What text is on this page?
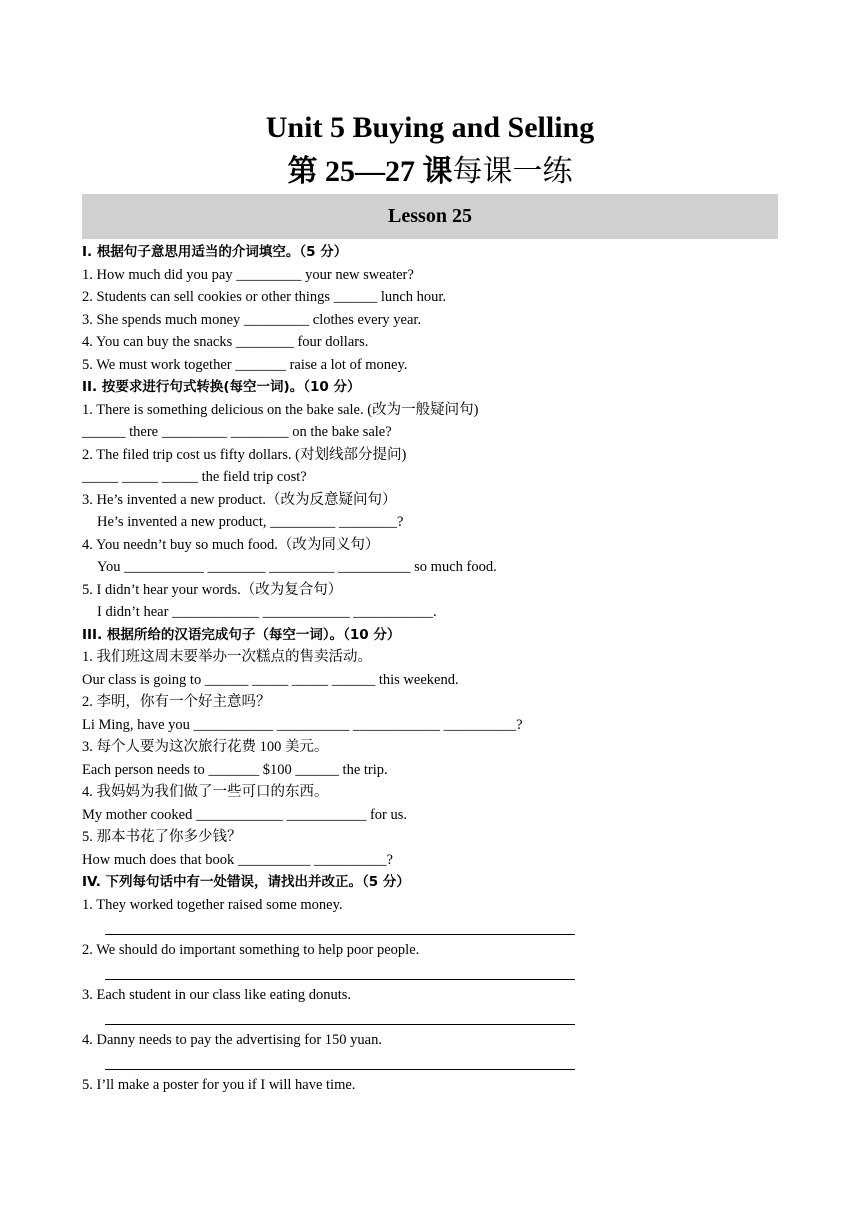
Unit 5 Buying and Selling
第 25—27 课每课一练
Lesson 25
I. 根据句子意思用适当的介词填空。（5 分）
1. How much did you pay _________ your new sweater?
2. Students can sell cookies or other things ______ lunch hour.
3. She spends much money _________ clothes every year.
4. You can buy the snacks ________ four dollars.
5. We must work together _______ raise a lot of money.
II. 按要求进行句式转换(每空一词)。（10 分）
1. There is something delicious on the bake sale. (改为一般疑问句)
______ there _________ ________ on the bake sale?
2. The filed trip cost us fifty dollars. (对划线部分提问)
_____ _____ _____ the field trip cost?
3. He’s invented a new product.（改为反意疑问句）
He’s invented a new product, _________ ________?
4. You needn’t buy so much food.（改为同义句）
You ___________ ________ _________ __________ so much food.
5. I didn’t hear your words.（改为复合句）
I didn’t hear ____________ ____________ ___________.
III. 根据所给的汉语完成句子（每空一词）。（10 分）
1. 我们班这周末要举办一次糕点的售卖活动。
Our class is going to ______ _____ _____ ______ this weekend.
2. 李明，你有一个好主意吗？
Li Ming, have you ___________ __________ ____________ __________?
3. 每个人要为这次旅行花费 100 美元。
Each person needs to _______ $100 ______ the trip.
4. 我妈妈为我们做了一些可口的东西。
My mother cooked ____________ ___________ for us.
5. 那本书花了你多少钱？
How much does that book __________ __________?
IV. 下列每句话中有一处错误，请找出并改正。（5 分）
1. They worked together raised some money.
2. We should do important something to help poor people.
3. Each student in our class like eating donuts.
4. Danny needs to pay the advertising for 150 yuan.
5. I’ll make a poster for you if I will have time.
